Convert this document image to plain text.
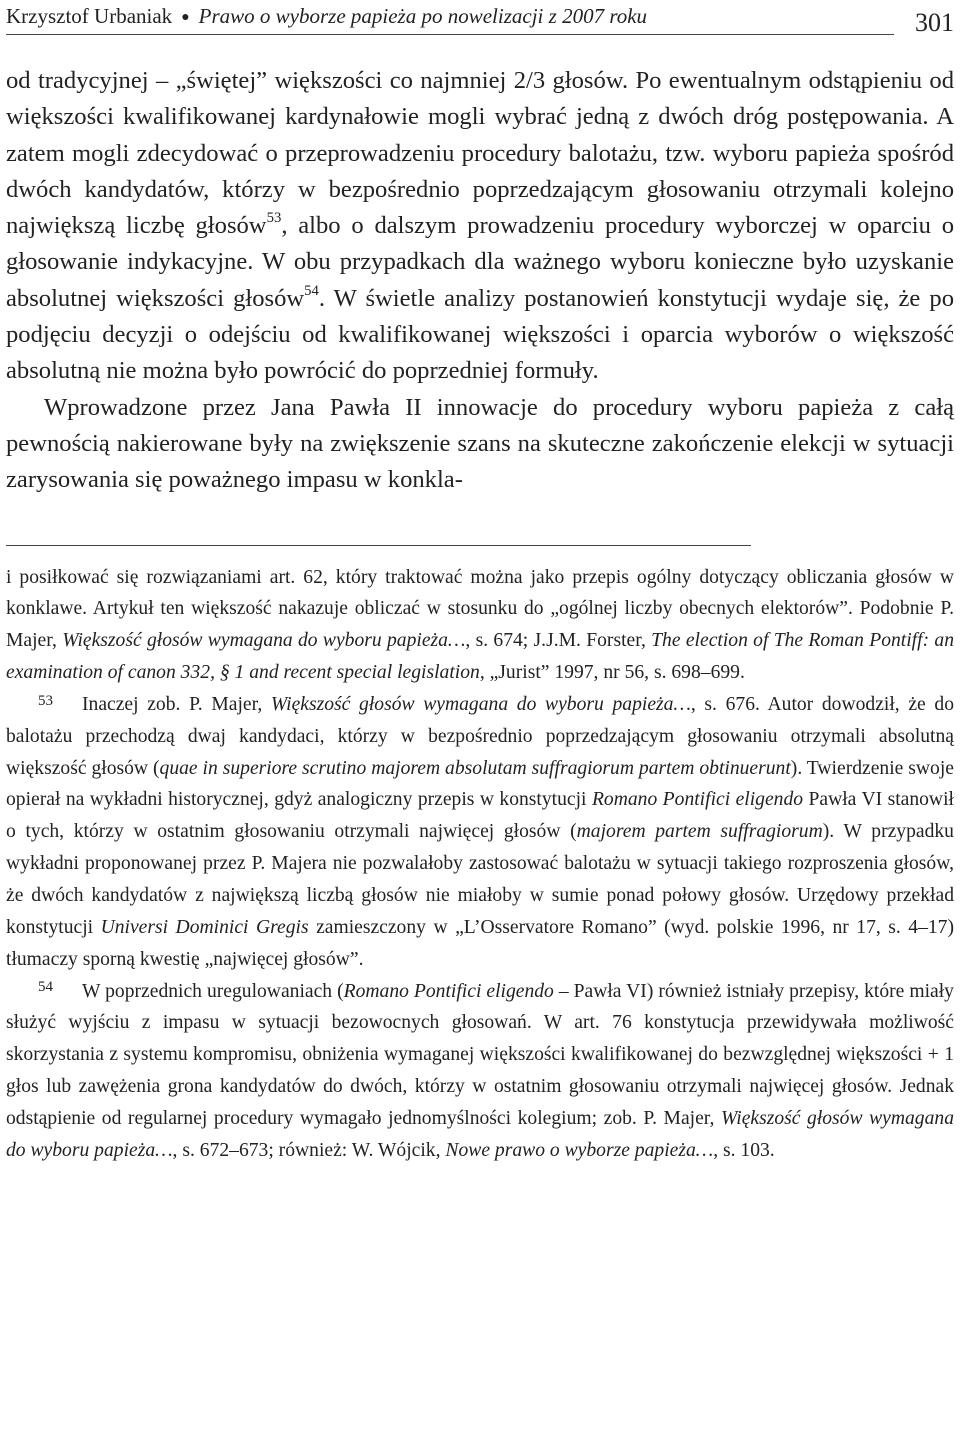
Krzysztof Urbaniak ● Prawo o wyborze papieża po nowelizacji z 2007 roku	301

od tradycyjnej – „świętej” większości co najmniej 2/3 głosów. Po ewentualnym odstąpieniu od większości kwalifikowanej kardynałowie mogli wybrać jedną z dwóch dróg postępowania. A zatem mogli zdecydować o przeprowadzeniu procedury balotażu, tzw. wyboru papieża spośród dwóch kandydatów, którzy w bezpośrednio poprzedzającym głosowaniu otrzymali kolejno największą liczbę głosów$^{53}$, albo o dalszym prowadzeniu procedury wyborczej w oparciu o głosowanie indykacyjne. W obu przypadkach dla ważnego wyboru konieczne było uzyskanie absolutnej większości głosów$^{54}$. W świetle analizy postanowień konstytucji wydaje się, że po podjęciu decyzji o odejściu od kwalifikowanej większości i oparcia wyborów o większość absolutną nie można było powrócić do poprzedniej formuły.

Wprowadzone przez Jana Pawła II innowacje do procedury wyboru papieża z całą pewnością nakierowane były na zwiększenie szans na skuteczne zakończenie elekcji w sytuacji zarysowania się poważnego impasu w konkla-

i posiłkować się rozwiązaniami art. 62, który traktować można jako przepis ogólny dotyczący obliczania głosów w konklawe. Artykuł ten większość nakazuje obliczać w stosunku do „ogólnej liczby obecnych elektorów”. Podobnie P. Majer, Większość głosów wymagana do wyboru papieża…, s. 674; J.J.M. Forster, The election of The Roman Pontiff: an examination of canon 332, § 1 and recent special legislation, „Jurist” 1997, nr 56, s. 698–699.

53 Inaczej zob. P. Majer, Większość głosów wymagana do wyboru papieża…, s. 676. Autor dowodził, że do balotażu przechodzą dwaj kandydaci, którzy w bezpośrednio poprzedzającym głosowaniu otrzymali absolutną większość głosów (quae in superiore scrutino majorem absolutam suffragiorum partem obtinuerunt). Twierdzenie swoje opierał na wykładni historycznej, gdyż analogiczny przepis w konstytucji Romano Pontifici eligendo Pawła VI stanowił o tych, którzy w ostatnim głosowaniu otrzymali najwięcej głosów (majorem partem suffragiorum). W przypadku wykładni proponowanej przez P. Majera nie pozwalałoby zastosować balotażu w sytuacji takiego rozproszenia głosów, że dwóch kandydatów z największą liczbą głosów nie miałoby w sumie ponad połowy głosów. Urzędowy przekład konstytucji Universi Dominici Gregis zamieszczony w „L’Osservatore Romano” (wyd. polskie 1996, nr 17, s. 4–17) tłumaczy sporną kwestię „najwięcej głosów”.

54 W poprzednich uregulowaniach (Romano Pontifici eligendo – Pawła VI) również istniały przepisy, które miały służyć wyjściu z impasu w sytuacji bezowocnych głosowań. W art. 76 konstytucja przewidywała możliwość skorzystania z systemu kompromisu, obniżenia wymaganej większości kwalifikowanej do bezwzględnej większości + 1 głos lub zawężenia grona kandydatów do dwóch, którzy w ostatnim głosowaniu otrzymali najwięcej głosów. Jednak odstąpienie od regularnej procedury wymagało jednomyślności kolegium; zob. P. Majer, Większość głosów wymagana do wyboru papieża…, s. 672–673; również: W. Wójcik, Nowe prawo o wyborze papieża…, s. 103.
